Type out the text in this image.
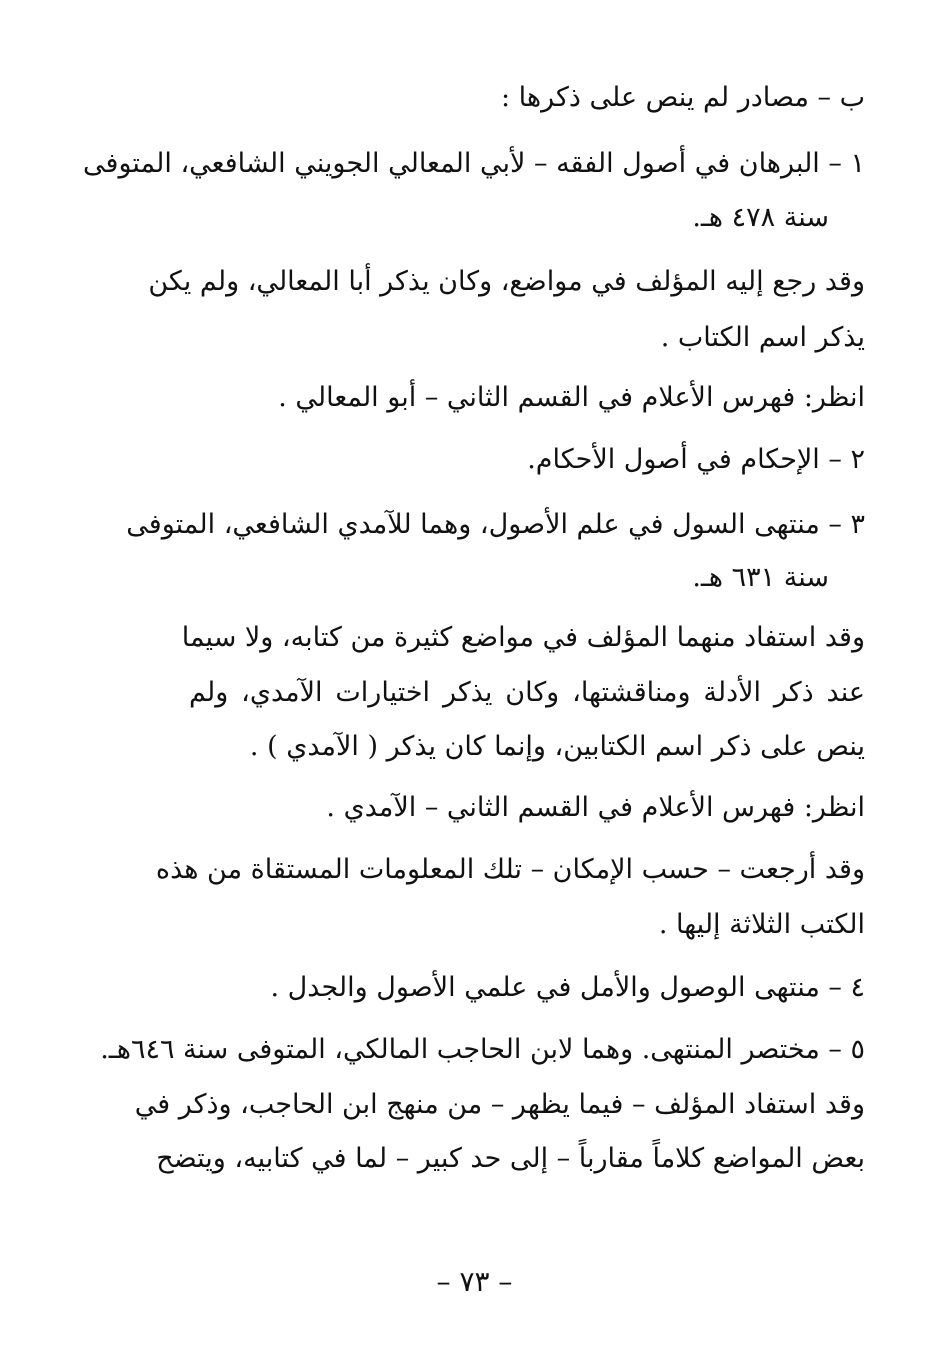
ب – مصادر لم ينص على ذكرها :
١ – البرهان في أصول الفقه – لأبي المعالي الجويني الشافعي، المتوفى
سنة ٤٧٨ هـ.
وقد رجع إليه المؤلف في مواضع، وكان يذكر أبا المعالي، ولم يكن
يذكر اسم الكتاب .
انظر: فهرس الأعلام في القسم الثاني – أبو المعالي .
٢ – الإحكام في أصول الأحكام.
٣ – منتهى السول في علم الأصول، وهما للآمدي الشافعي، المتوفى
سنة ٦٣١ هـ.
وقد استفاد منهما المؤلف في مواضع كثيرة من كتابه، ولا سيما
عند ذكر الأدلة ومناقشتها، وكان يذكر اختيارات الآمدي، ولم
ينص على ذكر اسم الكتابين، وإنما كان يذكر ( الآمدي ) .
انظر: فهرس الأعلام في القسم الثاني – الآمدي .
وقد أرجعت – حسب الإمكان – تلك المعلومات المستقاة من هذه
الكتب الثلاثة إليها .
٤ – منتهى الوصول والأمل في علمي الأصول والجدل .
٥ – مختصر المنتهى. وهما لابن الحاجب المالكي، المتوفى سنة ٦٤٦هـ.
وقد استفاد المؤلف – فيما يظهر – من منهج ابن الحاجب، وذكر في
بعض المواضع كلاماً مقارباً – إلى حد كبير – لما في كتابيه، ويتضح
– ٧٣ –
